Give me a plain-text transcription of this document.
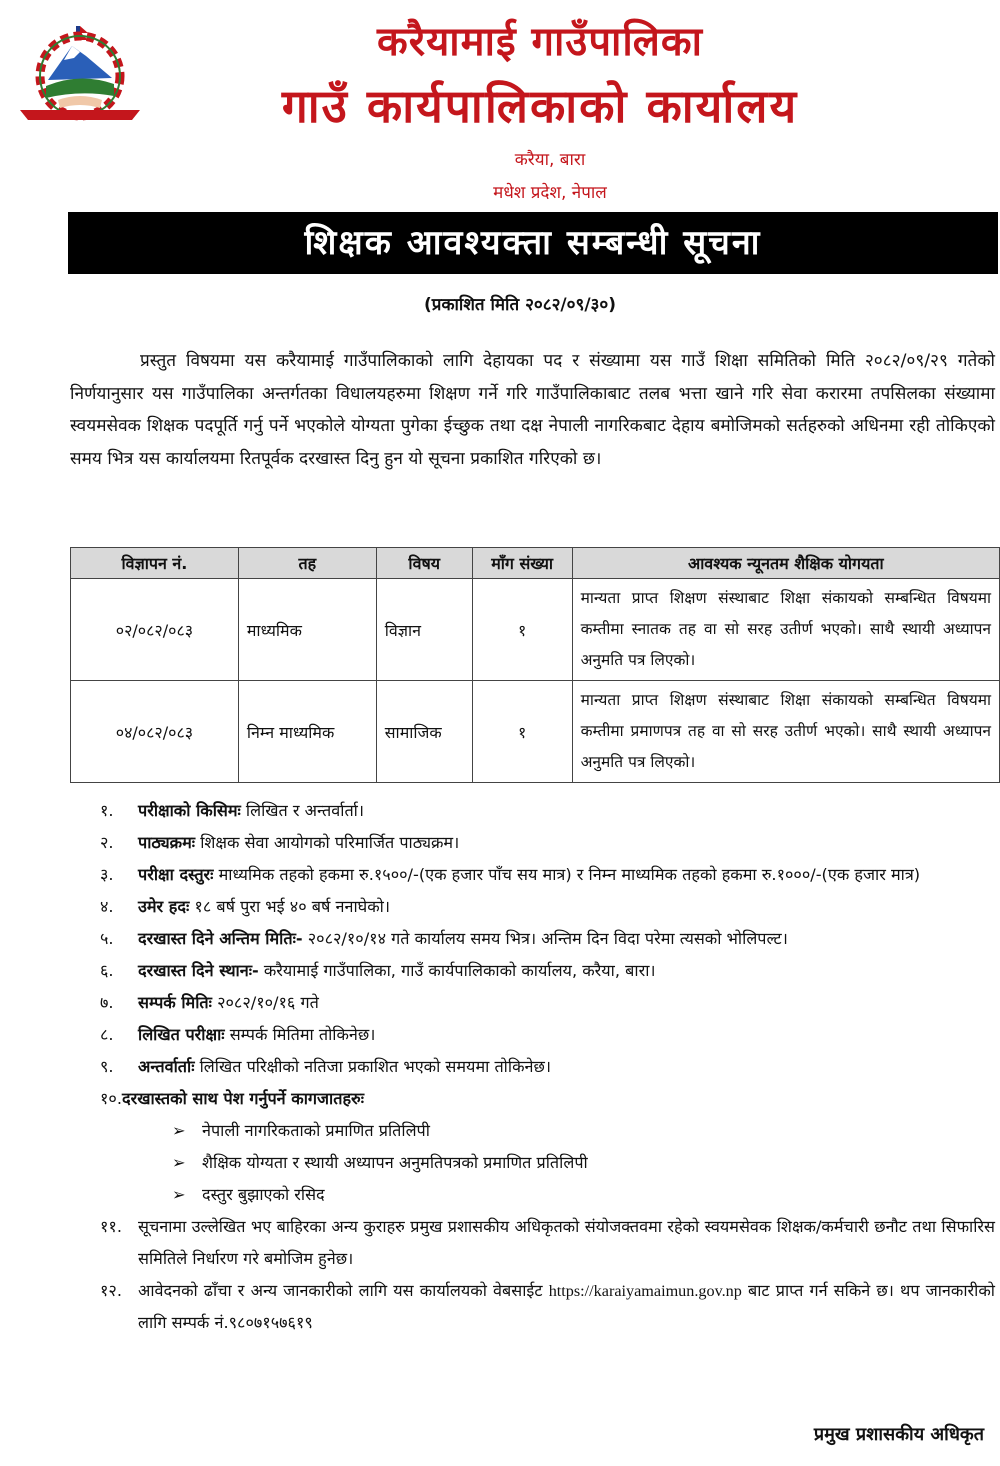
करैयामाई गाउँपालिका
गाउँ कार्यपालिकाको कार्यालय
करैया, बारा
मधेश प्रदेश, नेपाल
शिक्षक आवश्यक्ता सम्बन्धी सूचना
(प्रकाशित मिति २०८२/०९/३०)

प्रस्तुत विषयमा यस करैयामाई गाउँपालिकाको लागि देहायका पद र संख्यामा यस गाउँ शिक्षा समितिको मिति २०८२/०९/२९ गतेको निर्णयानुसार यस गाउँपालिका अन्तर्गतका विधालयहरुमा शिक्षण गर्ने गरि गाउँपालिकाबाट तलब भत्ता खाने गरि सेवा करारमा तपसिलका संख्यामा स्वयमसेवक शिक्षक पदपूर्ति गर्नु पर्ने भएकोले योग्यता पुगेका ईच्छुक तथा दक्ष नेपाली नागरिकबाट देहाय बमोजिमको सर्तहरुको अधिनमा रही तोकिएको समय भित्र यस कार्यालयमा रितपूर्वक दरखास्त दिनु हुन यो सूचना प्रकाशित गरिएको छ।

विज्ञापन नं.	तह	विषय	माँग संख्या	आवश्यक न्यूनतम शैक्षिक योगयता
०२/०८२/०८३	माध्यमिक	विज्ञान	१	मान्यता प्राप्त शिक्षण संस्थाबाट शिक्षा संकायको सम्बन्धित विषयमा कम्तीमा स्नातक तह वा सो सरह उतीर्ण भएको। साथै स्थायी अध्यापन अनुमति पत्र लिएको।
०४/०८२/०८३	निम्न माध्यमिक	सामाजिक	१	मान्यता प्राप्त शिक्षण संस्थाबाट शिक्षा संकायको सम्बन्धित विषयमा कम्तीमा प्रमाणपत्र तह वा सो सरह उतीर्ण भएको। साथै स्थायी अध्यापन अनुमति पत्र लिएको।
१.	परीक्षाको किसिमः लिखित र अन्तर्वार्ता।
२.	पाठ्यक्रमः शिक्षक सेवा आयोगको परिमार्जित पाठ्यक्रम।
३.	परीक्षा दस्तुरः माध्यमिक तहको हकमा रु.१५००/-(एक हजार पाँच सय मात्र) र निम्न माध्यमिक तहको हकमा रु.१०००/-(एक हजार मात्र)
४.	उमेर हदः १८ बर्ष पुरा भई ४० बर्ष ननाघेको।
५.	दरखास्त दिने अन्तिम मितिः- २०८२/१०/१४ गते कार्यालय समय भित्र। अन्तिम दिन विदा परेमा त्यसको भोलिपल्ट।
६.	दरखास्त दिने स्थानः- करैयामाई गाउँपालिका, गाउँ कार्यपालिकाको कार्यालय, करैया, बारा।
७.	सम्पर्क मितिः २०८२/१०/१६ गते
८.	लिखित परीक्षाः सम्पर्क मितिमा तोकिनेछ।
९.	अन्तर्वार्ताः लिखित परिक्षीको नतिजा प्रकाशित भएको समयमा तोकिनेछ।
१०. दरखास्तको साथ पेश गर्नुपर्ने कागजातहरुः
➢	नेपाली नागरिकताको प्रमाणित प्रतिलिपी
➢	शैक्षिक योग्यता र स्थायी अध्यापन अनुमतिपत्रको प्रमाणित प्रतिलिपी
➢	दस्तुर बुझाएको रसिद
११. सूचनामा उल्लेखित भए बाहिरका अन्य कुराहरु प्रमुख प्रशासकीय अधिकृतको संयोजक्तवमा रहेको स्वयमसेवक शिक्षक/कर्मचारी छनौट तथा सिफारिस समितिले निर्धारण गरे बमोजिम हुनेछ।
१२. आवेदनको ढाँचा र अन्य जानकारीको लागि यस कार्यालयको वेबसाईट https://karaiyamaimun.gov.np बाट प्राप्त गर्न सकिने छ। थप जानकारीको लागि सम्पर्क नं.९८०७१५७६१९
प्रमुख प्रशासकीय अधिकृत
